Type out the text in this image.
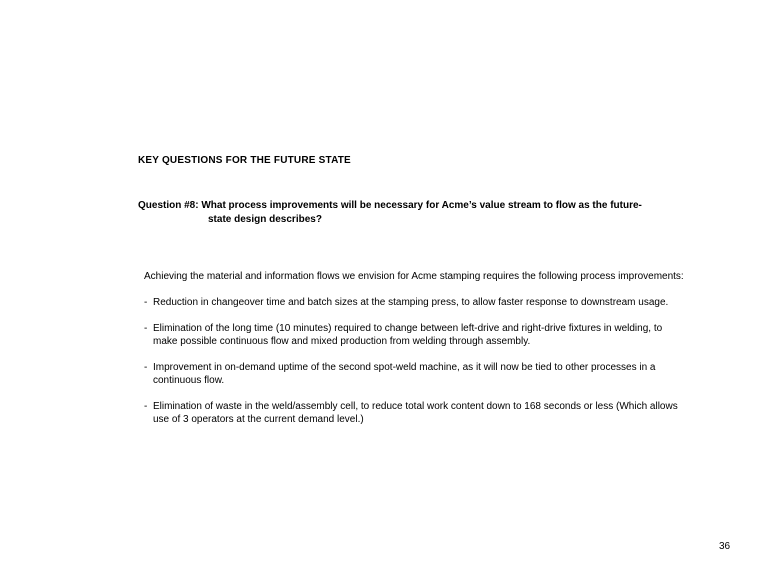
KEY QUESTIONS FOR THE FUTURE STATE
Question #8: What process improvements will be necessary for Acme’s value stream to flow as the future-
state design describes?

Achieving the material and information flows we envision for Acme stamping requires the following process improvements:

- Reduction in changeover time and batch sizes at the stamping press, to allow faster response to downstream usage.
- Elimination of the long time (10 minutes) required to change between left-drive and right-drive fixtures in welding, to make possible continuous flow and mixed production from welding through assembly.
- Improvement in on-demand uptime of the second spot-weld machine, as it will now be tied to other processes in a continuous flow.
- Elimination of waste in the weld/assembly cell, to reduce total work content down to 168 seconds or less (Which allows use of 3 operators at the current demand level.)
36
